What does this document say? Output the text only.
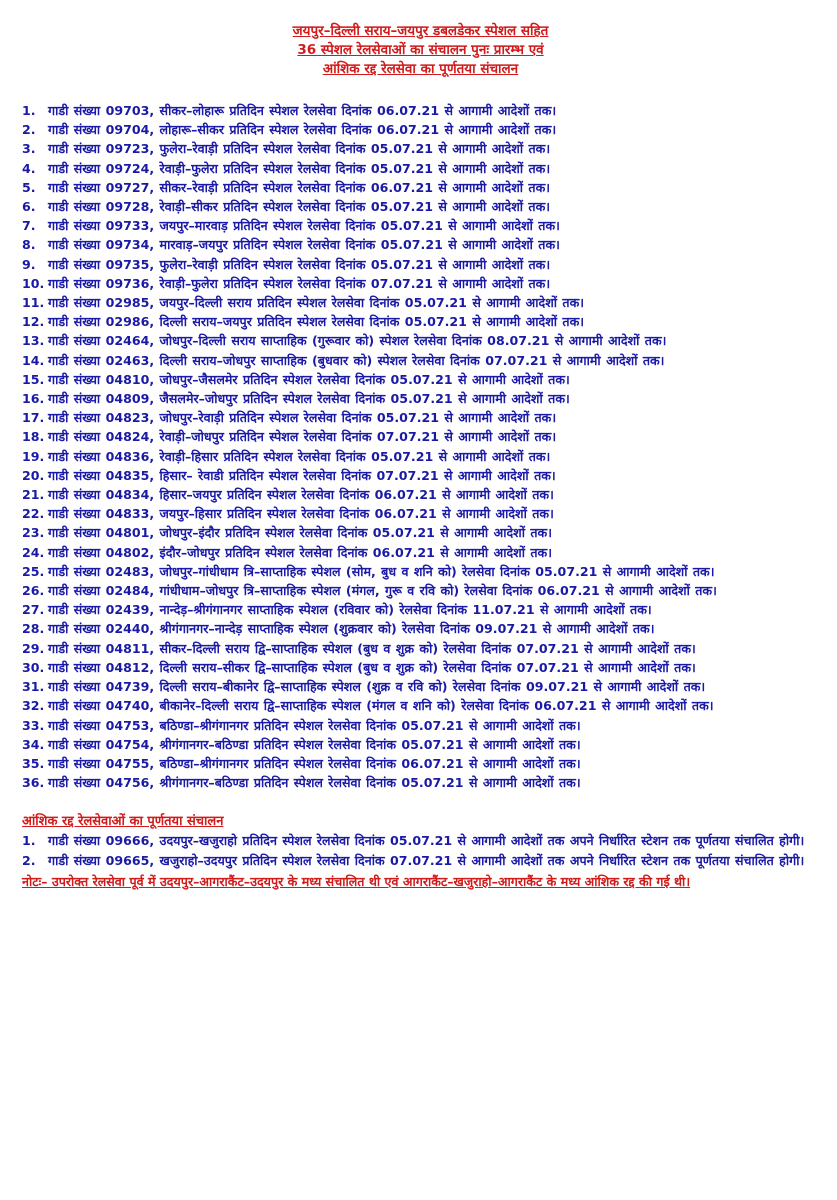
जयपुर–दिल्ली सराय–जयपुर डबलडेकर स्पेशल सहित
36 स्पेशल रेलसेवाओं का संचालन पुनः प्रारम्भ एवं
आंशिक रद्द रेलसेवा का पूर्णतया संचालन
1. गाडी संख्या 09703, सीकर–लोहारू प्रतिदिन स्पेशल रेलसेवा दिनांक 06.07.21 से आगामी आदेशों तक।
2. गाडी संख्या 09704, लोहारू–सीकर प्रतिदिन स्पेशल रेलसेवा दिनांक 06.07.21 से आगामी आदेशों तक।
3. गाडी संख्या 09723, फुलेरा–रेवाड़ी प्रतिदिन स्पेशल रेलसेवा दिनांक 05.07.21 से आगामी आदेशों तक।
4. गाडी संख्या 09724, रेवाड़ी–फुलेरा प्रतिदिन स्पेशल रेलसेवा दिनांक 05.07.21 से आगामी आदेशों तक।
5. गाडी संख्या 09727, सीकर–रेवाड़ी प्रतिदिन स्पेशल रेलसेवा दिनांक 06.07.21 से आगामी आदेशों तक।
6. गाडी संख्या 09728, रेवाड़ी–सीकर प्रतिदिन स्पेशल रेलसेवा दिनांक 05.07.21 से आगामी आदेशों तक।
7. गाडी संख्या 09733, जयपुर–मारवाड़ प्रतिदिन स्पेशल रेलसेवा दिनांक 05.07.21 से आगामी आदेशों तक।
8. गाडी संख्या 09734, मारवाड़–जयपुर प्रतिदिन स्पेशल रेलसेवा दिनांक 05.07.21 से आगामी आदेशों तक।
9. गाडी संख्या 09735, फुलेरा–रेवाड़ी प्रतिदिन स्पेशल रेलसेवा दिनांक 05.07.21 से आगामी आदेशों तक।
10. गाडी संख्या 09736, रेवाड़ी–फुलेरा प्रतिदिन स्पेशल रेलसेवा दिनांक 07.07.21 से आगामी आदेशों तक।
11. गाडी संख्या 02985, जयपुर–दिल्ली सराय प्रतिदिन स्पेशल रेलसेवा दिनांक 05.07.21 से आगामी आदेशों तक।
12. गाडी संख्या 02986, दिल्ली सराय–जयपुर प्रतिदिन स्पेशल रेलसेवा दिनांक 05.07.21 से आगामी आदेशों तक।
13. गाडी संख्या 02464, जोधपुर–दिल्ली सराय साप्ताहिक (गुरूवार को) स्पेशल रेलसेवा दिनांक 08.07.21 से आगामी आदेशों तक।
14. गाडी संख्या 02463, दिल्ली सराय–जोधपुर साप्ताहिक (बुधवार को) स्पेशल रेलसेवा दिनांक 07.07.21 से आगामी आदेशों तक।
15. गाडी संख्या 04810, जोधपुर–जैसलमेर प्रतिदिन स्पेशल रेलसेवा दिनांक 05.07.21 से आगामी आदेशों तक।
16. गाडी संख्या 04809, जैसलमेर–जोधपुर प्रतिदिन स्पेशल रेलसेवा दिनांक 05.07.21 से आगामी आदेशों तक।
17. गाडी संख्या 04823, जोधपुर–रेवाड़ी प्रतिदिन स्पेशल रेलसेवा दिनांक 05.07.21 से आगामी आदेशों तक।
18. गाडी संख्या 04824, रेवाड़ी–जोधपुर प्रतिदिन स्पेशल रेलसेवा दिनांक 07.07.21 से आगामी आदेशों तक।
19. गाडी संख्या 04836, रेवाड़ी–हिसार प्रतिदिन स्पेशल रेलसेवा दिनांक 05.07.21 से आगामी आदेशों तक।
20. गाडी संख्या 04835, हिसार– रेवाडी प्रतिदिन स्पेशल रेलसेवा दिनांक 07.07.21 से आगामी आदेशों तक।
21. गाडी संख्या 04834, हिसार–जयपुर प्रतिदिन स्पेशल रेलसेवा दिनांक 06.07.21 से आगामी आदेशों तक।
22. गाडी संख्या 04833, जयपुर–हिसार प्रतिदिन स्पेशल रेलसेवा दिनांक 06.07.21 से आगामी आदेशों तक।
23. गाडी संख्या 04801, जोधपुर–इंदौर प्रतिदिन स्पेशल रेलसेवा दिनांक 05.07.21 से आगामी आदेशों तक।
24. गाडी संख्या 04802, इंदौर–जोधपुर प्रतिदिन स्पेशल रेलसेवा दिनांक 06.07.21 से आगामी आदेशों तक।
25. गाडी संख्या 02483, जोधपुर–गांधीधाम त्रि–साप्ताहिक स्पेशल (सोम, बुध व शनि को) रेलसेवा दिनांक 05.07.21 से आगामी आदेशों तक।
26. गाडी संख्या 02484, गांधीधाम–जोधपुर त्रि–साप्ताहिक स्पेशल (मंगल, गुरू व रवि को) रेलसेवा दिनांक 06.07.21 से आगामी आदेशों तक।
27. गाडी संख्या 02439, नान्देड़–श्रीगंगानगर साप्ताहिक स्पेशल (रविवार को) रेलसेवा दिनांक 11.07.21 से आगामी आदेशों तक।
28. गाडी संख्या 02440, श्रीगंगानगर–नान्देड़ साप्ताहिक स्पेशल (शुक्रवार को) रेलसेवा दिनांक 09.07.21 से आगामी आदेशों तक।
29. गाडी संख्या 04811, सीकर–दिल्ली सराय द्वि–साप्ताहिक स्पेशल (बुध व शुक्र को) रेलसेवा दिनांक 07.07.21 से आगामी आदेशों तक।
30. गाडी संख्या 04812, दिल्ली सराय–सीकर द्वि–साप्ताहिक स्पेशल (बुध व शुक्र को) रेलसेवा दिनांक 07.07.21 से आगामी आदेशों तक।
31. गाडी संख्या 04739, दिल्ली सराय–बीकानेर द्वि–साप्ताहिक स्पेशल (शुक्र व रवि को) रेलसेवा दिनांक 09.07.21 से आगामी आदेशों तक।
32. गाडी संख्या 04740, बीकानेर–दिल्ली सराय द्वि–साप्ताहिक स्पेशल (मंगल व शनि को) रेलसेवा दिनांक 06.07.21 से आगामी आदेशों तक।
33. गाडी संख्या 04753, बठिण्डा–श्रीगंगानगर प्रतिदिन स्पेशल रेलसेवा दिनांक 05.07.21 से आगामी आदेशों तक।
34. गाडी संख्या 04754, श्रीगंगानगर–बठिण्डा प्रतिदिन स्पेशल रेलसेवा दिनांक 05.07.21 से आगामी आदेशों तक।
35. गाडी संख्या 04755, बठिण्डा–श्रीगंगानगर प्रतिदिन स्पेशल रेलसेवा दिनांक 06.07.21 से आगामी आदेशों तक।
36. गाडी संख्या 04756, श्रीगंगानगर–बठिण्डा प्रतिदिन स्पेशल रेलसेवा दिनांक 05.07.21 से आगामी आदेशों तक।
आंशिक रद्द रेलसेवाओं का पूर्णतया संचालन
1. गाडी संख्या 09666, उदयपुर–खजुराहो प्रतिदिन स्पेशल रेलसेवा दिनांक 05.07.21 से आगामी आदेशों तक अपने निर्धारित स्टेशन तक पूर्णतया संचालित होगी।
2. गाडी संख्या 09665, खजुराहो–उदयपुर प्रतिदिन स्पेशल रेलसेवा दिनांक 07.07.21 से आगामी आदेशों तक अपने निर्धारित स्टेशन तक पूर्णतया संचालित होगी।
नोटः– उपरोक्त रेलसेवा पूर्व में उदयपुर–आगराकैंट–उदयपुर के मध्य संचालित थी एवं आगराकैंट–खजुराहो–आगराकैंट के मध्य आंशिक रद्द की गई थी।
